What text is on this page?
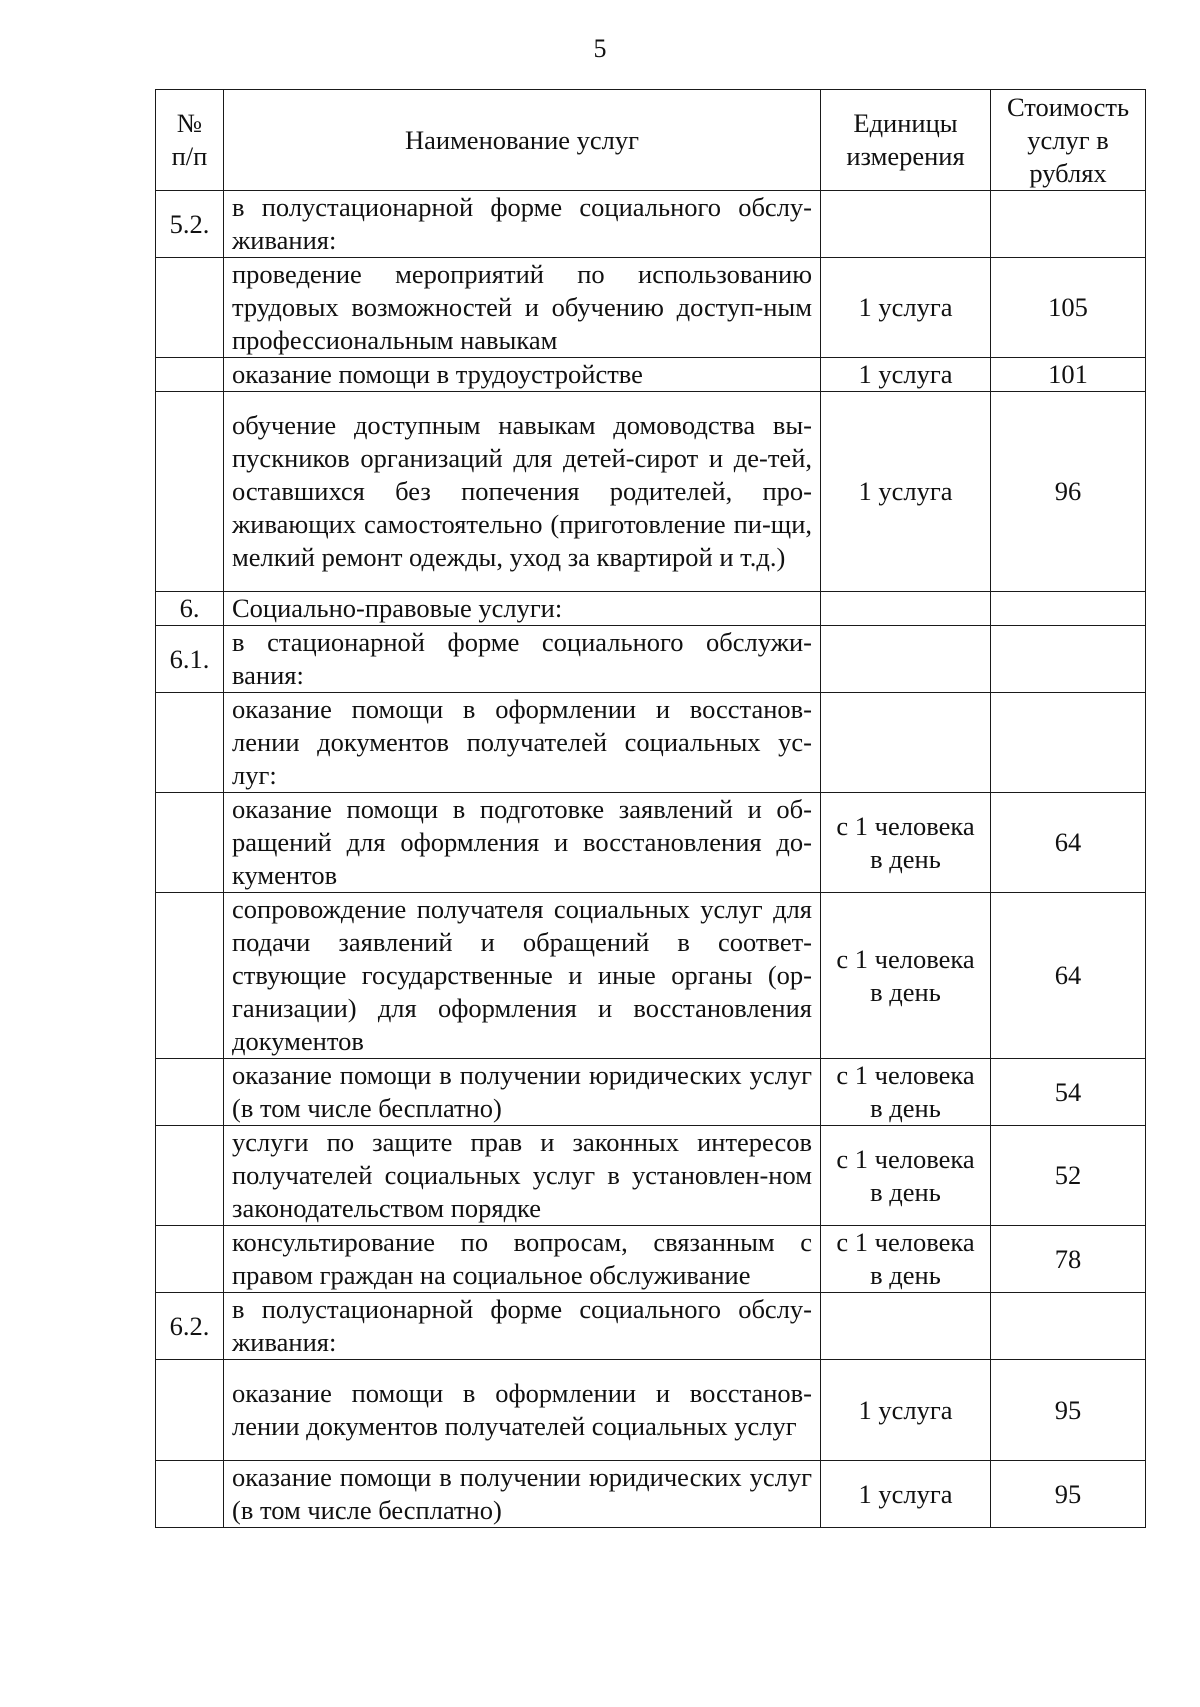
5
№ п/п	Наименование услуг	Единицы измерения	Стоимость услуг в рублях
5.2.	в полустационарной форме социального обслу-живания:		
	проведение мероприятий по использованию трудовых возможностей и обучению доступ-ным профессиональным навыкам	1 услуга	105
	оказание помощи в трудоустройстве	1 услуга	101
	обучение доступным навыкам домоводства вы-пускников организаций для детей-сирот и де-тей, оставшихся без попечения родителей, про-живающих самостоятельно (приготовление пи-щи, мелкий ремонт одежды, уход за квартирой и т.д.)	1 услуга	96
6.	Социально-правовые услуги:		
6.1.	в стационарной форме социального обслужи-вания:		
	оказание помощи в оформлении и восстанов-лении документов получателей социальных ус-луг:		
	оказание помощи в подготовке заявлений и об-ращений для оформления и восстановления до-кументов	с 1 человека в день	64
	сопровождение получателя социальных услуг для подачи заявлений и обращений в соответ-ствующие государственные и иные органы (ор-ганизации) для оформления и восстановления документов	с 1 человека в день	64
	оказание помощи в получении юридических услуг (в том числе бесплатно)	с 1 человека в день	54
	услуги по защите прав и законных интересов получателей социальных услуг в установлен-ном законодательством порядке	с 1 человека в день	52
	консультирование по вопросам, связанным с правом граждан на социальное обслуживание	с 1 человека в день	78
6.2.	в полустационарной форме социального обслу-живания:		
	оказание помощи в оформлении и восстанов-лении документов получателей социальных услуг	1 услуга	95
	оказание помощи в получении юридических услуг (в том числе бесплатно)	1 услуга	95
